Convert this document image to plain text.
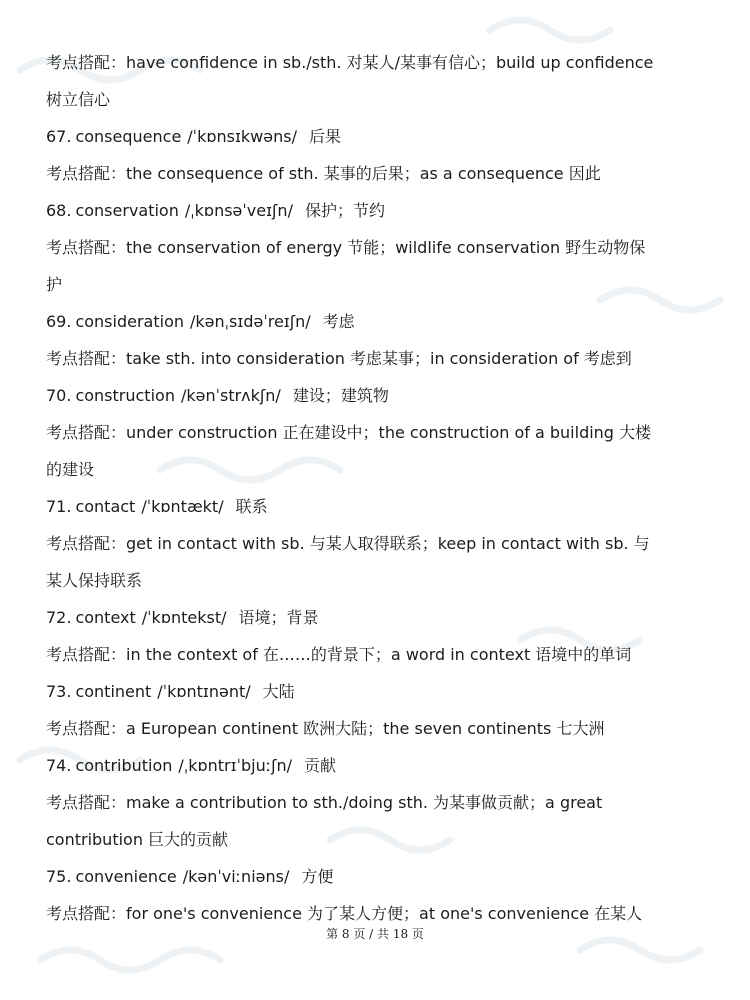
考点搭配：have confidence in sb./sth. 对某人/某事有信心；build up confidence
树立信心
67. consequence /ˈkɒnsɪkwəns/ 后果
考点搭配：the consequence of sth. 某事的后果；as a consequence 因此
68. conservation /ˌkɒnsəˈveɪʃn/ 保护；节约
考点搭配：the conservation of energy 节能；wildlife conservation 野生动物保
护
69. consideration /kənˌsɪdəˈreɪʃn/ 考虑
考点搭配：take sth. into consideration 考虑某事；in consideration of 考虑到
70. construction /kənˈstrʌkʃn/ 建设；建筑物
考点搭配：under construction 正在建设中；the construction of a building 大楼
的建设
71. contact /ˈkɒntækt/ 联系
考点搭配：get in contact with sb. 与某人取得联系；keep in contact with sb. 与
某人保持联系
72. context /ˈkɒntekst/ 语境；背景
考点搭配：in the context of 在……的背景下；a word in context 语境中的单词
73. continent /ˈkɒntɪnənt/ 大陆
考点搭配：a European continent 欧洲大陆；the seven continents 七大洲
74. contribution /ˌkɒntrɪˈbjuːʃn/ 贡献
考点搭配：make a contribution to sth./doing sth. 为某事做贡献；a great
contribution 巨大的贡献
75. convenience /kənˈviːniəns/ 方便
考点搭配：for one's convenience 为了某人方便；at one's convenience 在某人
第 8 页 / 共 18 页
